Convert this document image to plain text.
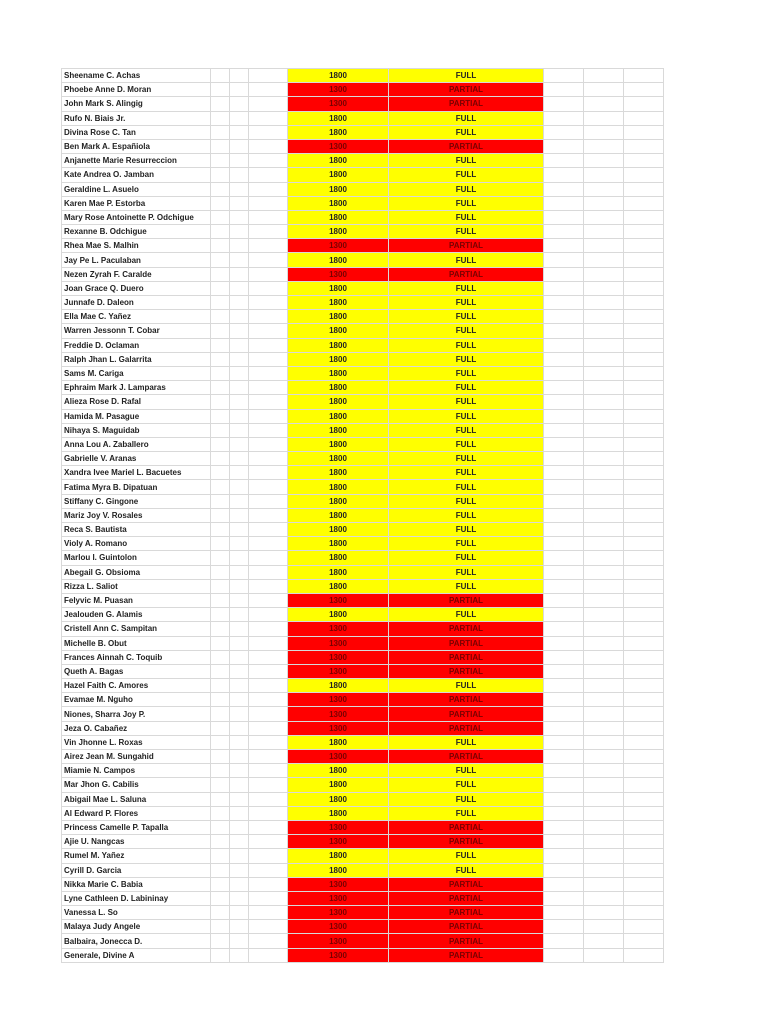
Sheename C. Achas				1800	FULL			
Phoebe Anne D. Moran				1300	PARTIAL			
John Mark S. Alingig				1300	PARTIAL			
Rufo N. Biais Jr.				1800	FULL			
Divina Rose C. Tan				1800	FULL			
Ben Mark A. Españiola				1300	PARTIAL			
Anjanette Marie Resurreccion				1800	FULL			
Kate Andrea O. Jamban				1800	FULL			
Geraldine L. Asuelo				1800	FULL			
Karen Mae P. Estorba				1800	FULL			
Mary Rose Antoinette P. Odchigue				1800	FULL			
Rexanne B. Odchigue				1800	FULL			
Rhea Mae S. Malhin				1300	PARTIAL			
Jay Pe L. Paculaban				1800	FULL			
Nezen Zyrah F. Caralde				1300	PARTIAL			
Joan Grace Q. Duero				1800	FULL			
Junnafe D. Daleon				1800	FULL			
Ella Mae C. Yañez				1800	FULL			
Warren Jessonn T. Cobar				1800	FULL			
Freddie D. Oclaman				1800	FULL			
Ralph Jhan L. Galarrita				1800	FULL			
Sams M. Cariga				1800	FULL			
Ephraim Mark J. Lamparas				1800	FULL			
Alieza Rose D. Rafal				1800	FULL			
Hamida M. Pasague				1800	FULL			
Nihaya S. Maguidab				1800	FULL			
Anna Lou A. Zaballero				1800	FULL			
Gabrielle V. Aranas				1800	FULL			
Xandra Ivee Mariel L. Bacuetes				1800	FULL			
Fatima Myra B. Dipatuan				1800	FULL			
Stiffany C. Gingone				1800	FULL			
Mariz Joy V. Rosales				1800	FULL			
Reca S. Bautista				1800	FULL			
Violy A. Romano				1800	FULL			
Marlou I. Guintolon				1800	FULL			
Abegail G. Obsioma				1800	FULL			
Rizza L. Saliot				1800	FULL			
Felyvic M. Puasan				1300	PARTIAL			
Jealouden G. Alamis				1800	FULL			
Cristell Ann C. Sampitan				1300	PARTIAL			
Michelle B. Obut				1300	PARTIAL			
Frances Ainnah C. Toquib				1300	PARTIAL			
Queth A. Bagas				1300	PARTIAL			
Hazel Faith C. Amores				1800	FULL			
Evamae M. Nguho				1300	PARTIAL			
Niones, Sharra Joy P.				1300	PARTIAL			
Jeza O. Cabañez				1300	PARTIAL			
Vin Jhonne L. Roxas				1800	FULL			
Airez Jean M. Sungahid				1300	PARTIAL			
Miamie N. Campos				1800	FULL			
Mar Jhon G. Cabilis				1800	FULL			
Abigail Mae L. Saluna				1800	FULL			
Al Edward P. Flores				1800	FULL			
Princess Camelle P. Tapalla				1300	PARTIAL			
Ajie U. Nangcas				1300	PARTIAL			
Rumel M. Yañez				1800	FULL			
Cyrill D. Garcia				1800	FULL			
Nikka Marie C. Babia				1300	PARTIAL			
Lyne Cathleen D. Labininay				1300	PARTIAL			
Vanessa L. So				1300	PARTIAL			
Malaya Judy Angele				1300	PARTIAL			
Balbaira, Jonecca D.				1300	PARTIAL			
Generale, Divine A				1300	PARTIAL			
